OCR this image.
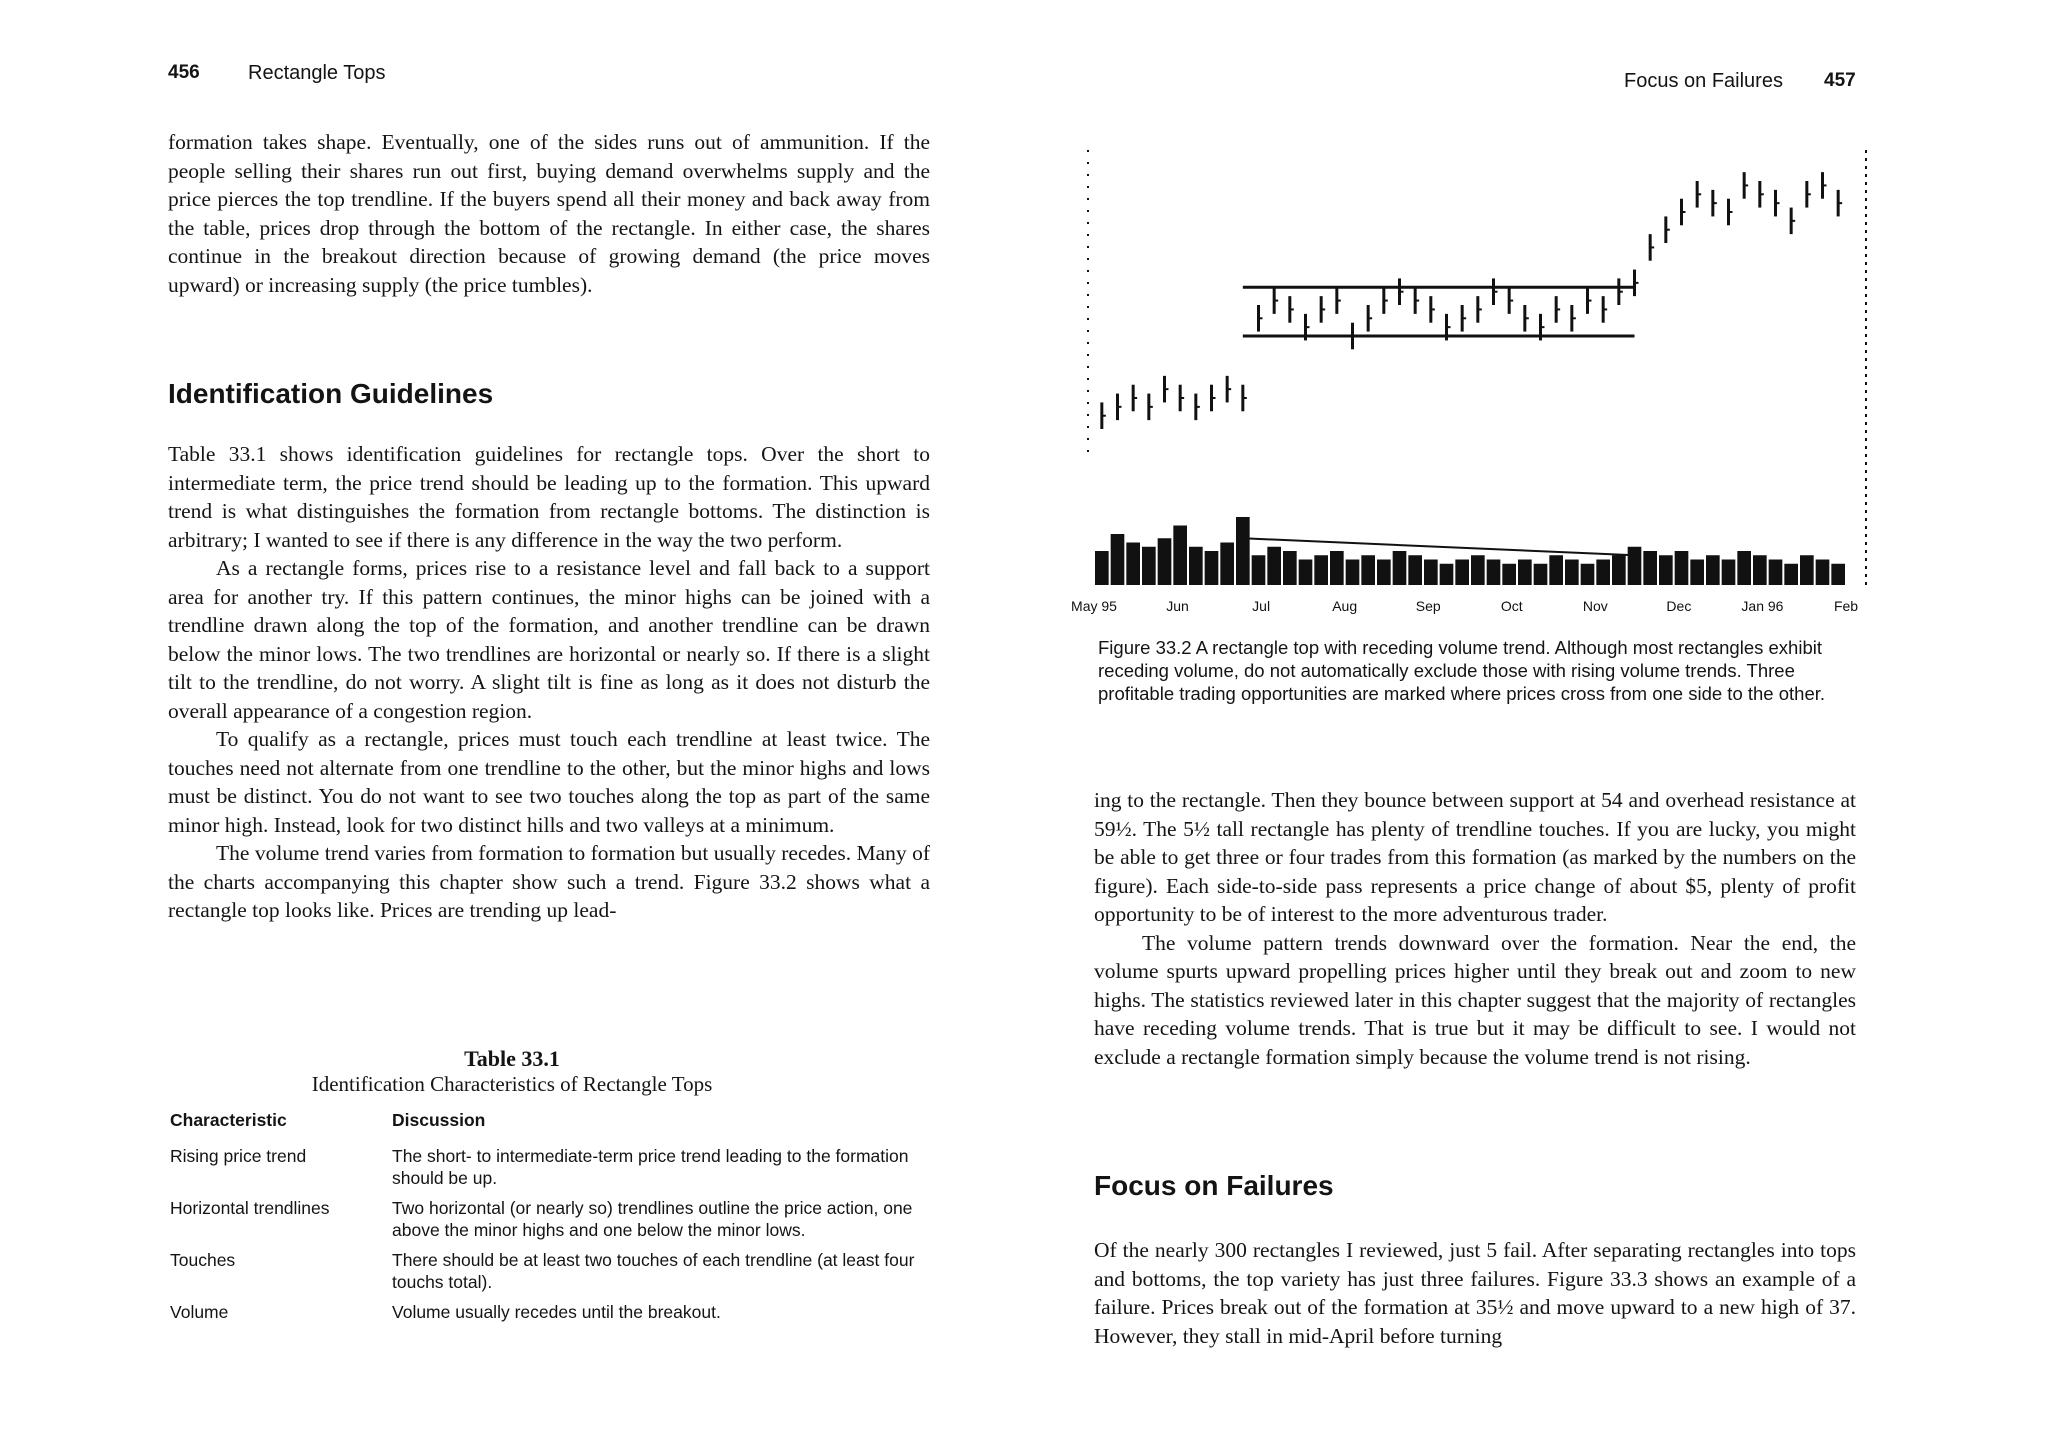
456 Rectangle Tops

formation takes shape. Eventually, one of the sides runs out of ammunition. If the people selling their shares run out first, buying demand overwhelms supply and the price pierces the top trendline. If the buyers spend all their money and back away from the table, prices drop through the bottom of the rectangle. In either case, the shares continue in the breakout direction because of growing demand (the price moves upward) or increasing supply (the price tumbles).

Identification Guidelines

Table 33.1 shows identification guidelines for rectangle tops. Over the short to intermediate term, the price trend should be leading up to the formation. This upward trend is what distinguishes the formation from rectangle bottoms. The distinction is arbitrary; I wanted to see if there is any difference in the way the two perform.

As a rectangle forms, prices rise to a resistance level and fall back to a support area for another try. If this pattern continues, the minor highs can be joined with a trendline drawn along the top of the formation, and another trendline can be drawn below the minor lows. The two trendlines are horizontal or nearly so. If there is a slight tilt to the trendline, do not worry. A slight tilt is fine as long as it does not disturb the overall appearance of a congestion region.

To qualify as a rectangle, prices must touch each trendline at least twice. The touches need not alternate from one trendline to the other, but the minor highs and lows must be distinct. You do not want to see two touches along the top as part of the same minor high. Instead, look for two distinct hills and two valleys at a minimum.

The volume trend varies from formation to formation but usually recedes. Many of the charts accompanying this chapter show such a trend. Figure 33.2 shows what a rectangle top looks like. Prices are trending up lead-

Table 33.1
Identification Characteristics of Rectangle Tops
Characteristic	Discussion
Rising price trend	The short- to intermediate-term price trend leading to the formation should be up.
Horizontal trendlines	Two horizontal (or nearly so) trendlines outline the price action, one above the minor highs and one below the minor lows.
Touches	There should be at least two touches of each trendline (at least four touchs total).
Volume	Volume usually recedes until the breakout.
Focus on Failures 457
May 95	Jun	Jul	Aug	Sep	Oct	Nov	Dec	Jan 96	Feb
Figure 33.2 A rectangle top with receding volume trend. Although most rectangles exhibit receding volume, do not automatically exclude those with rising volume trends. Three profitable trading opportunities are marked where prices cross from one side to the other.

ing to the rectangle. Then they bounce between support at 54 and overhead resistance at 59½. The 5½ tall rectangle has plenty of trendline touches. If you are lucky, you might be able to get three or four trades from this formation (as marked by the numbers on the figure). Each side-to-side pass represents a price change of about $5, plenty of profit opportunity to be of interest to the more adventurous trader.

The volume pattern trends downward over the formation. Near the end, the volume spurts upward propelling prices higher until they break out and zoom to new highs. The statistics reviewed later in this chapter suggest that the majority of rectangles have receding volume trends. That is true but it may be difficult to see. I would not exclude a rectangle formation simply because the volume trend is not rising.

Focus on Failures

Of the nearly 300 rectangles I reviewed, just 5 fail. After separating rectangles into tops and bottoms, the top variety has just three failures. Figure 33.3 shows an example of a failure. Prices break out of the formation at 35½ and move upward to a new high of 37. However, they stall in mid-April before turning
